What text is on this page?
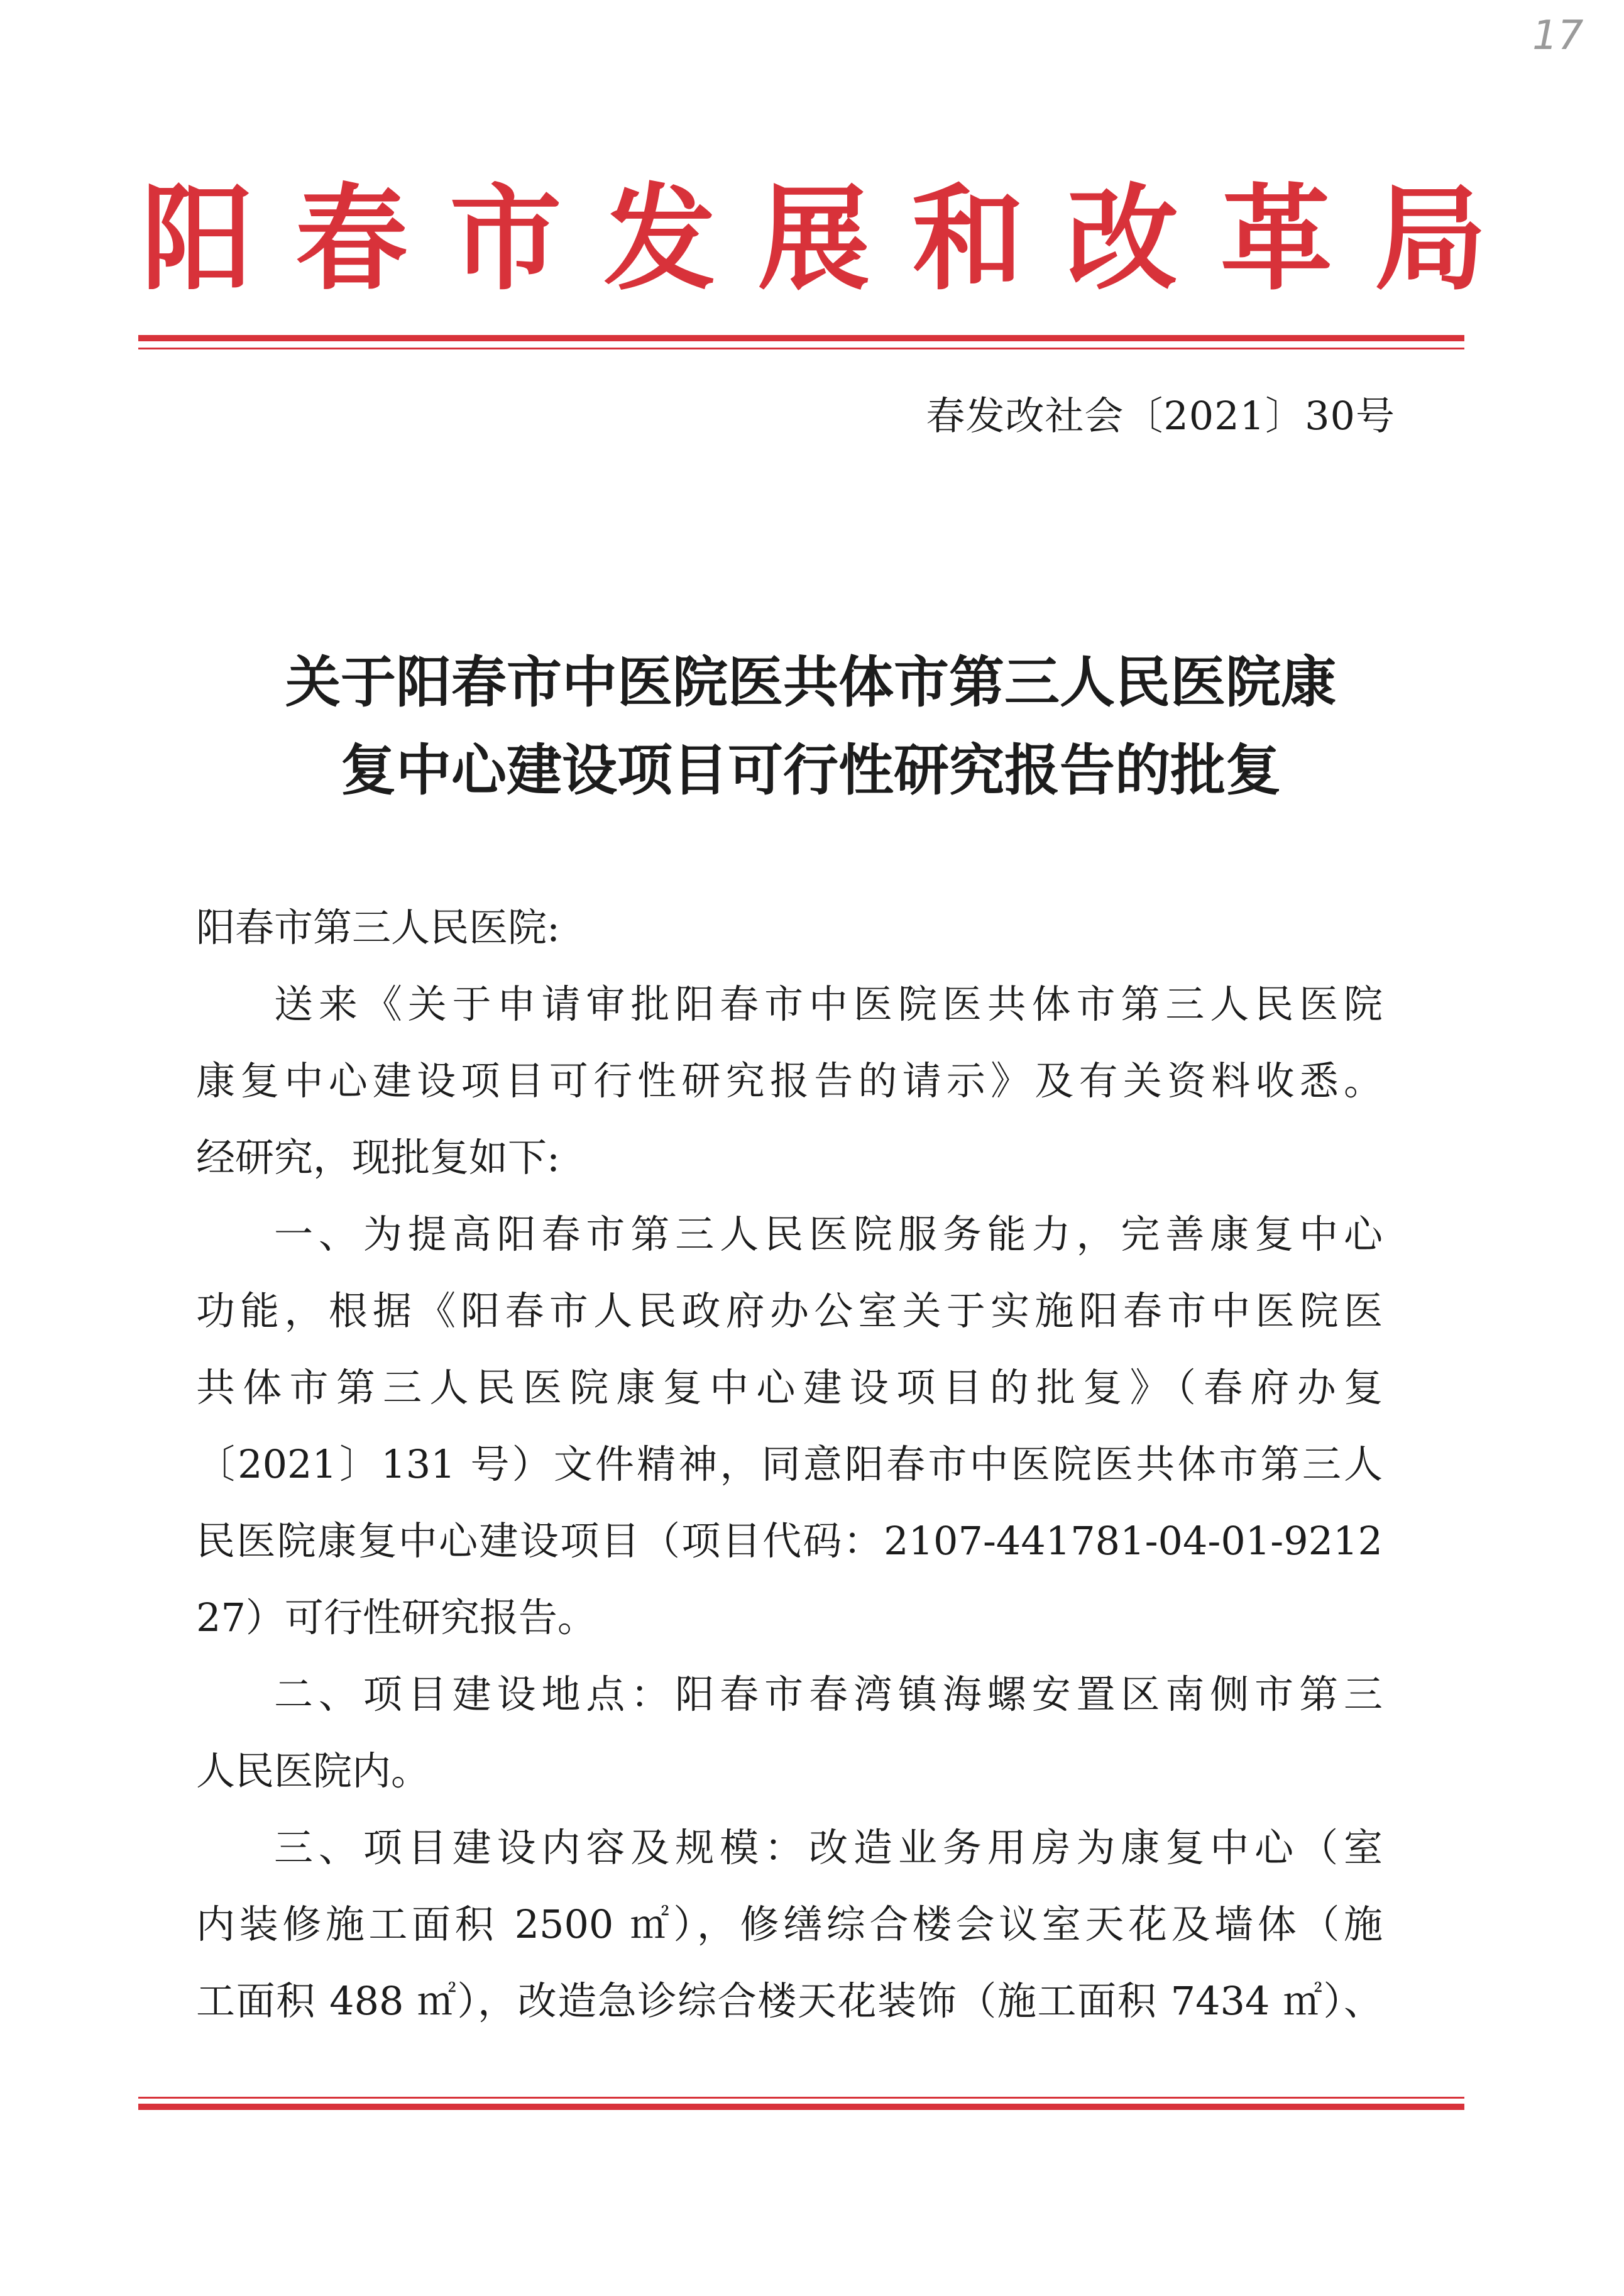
17
阳 春 市 发 展 和 改 革 局
春发改社会〔2021〕30号
关于阳春市中医院医共体市第三人民医院康
复中心建设项目可行性研究报告的批复
阳春市第三人民医院:
送来《关于申请审批阳春市中医院医共体市第三人民医院
康复中心建设项目可行性研究报告的请示》及有关资料收悉。
经研究，现批复如下:
一、为提高阳春市第三人民医院服务能力，完善康复中心
功能，根据《阳春市人民政府办公室关于实施阳春市中医院医
共体市第三人民医院康复中心建设项目的批复》（春府办复
〔2021〕131 号）文件精神，同意阳春市中医院医共体市第三人
民医院康复中心建设项目（项目代码：2107-441781-04-01-9212
27）可行性研究报告。
二、项目建设地点：阳春市春湾镇海螺安置区南侧市第三
人民医院内。
三、项目建设内容及规模：改造业务用房为康复中心（室
内装修施工面积 2500 ㎡），修缮综合楼会议室天花及墙体（施
工面积 488 ㎡），改造急诊综合楼天花装饰（施工面积 7434 ㎡）、
